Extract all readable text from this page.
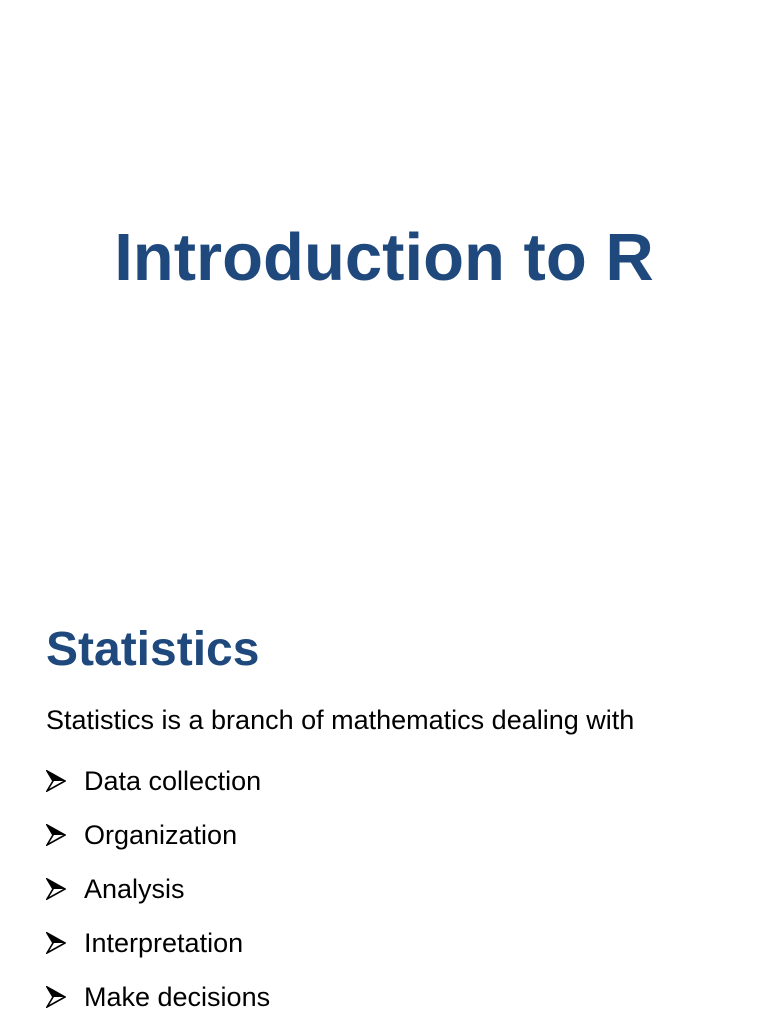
Introduction to R
Statistics

Statistics is a branch of mathematics dealing with

Data collection
Organization
Analysis
Interpretation
Make decisions
